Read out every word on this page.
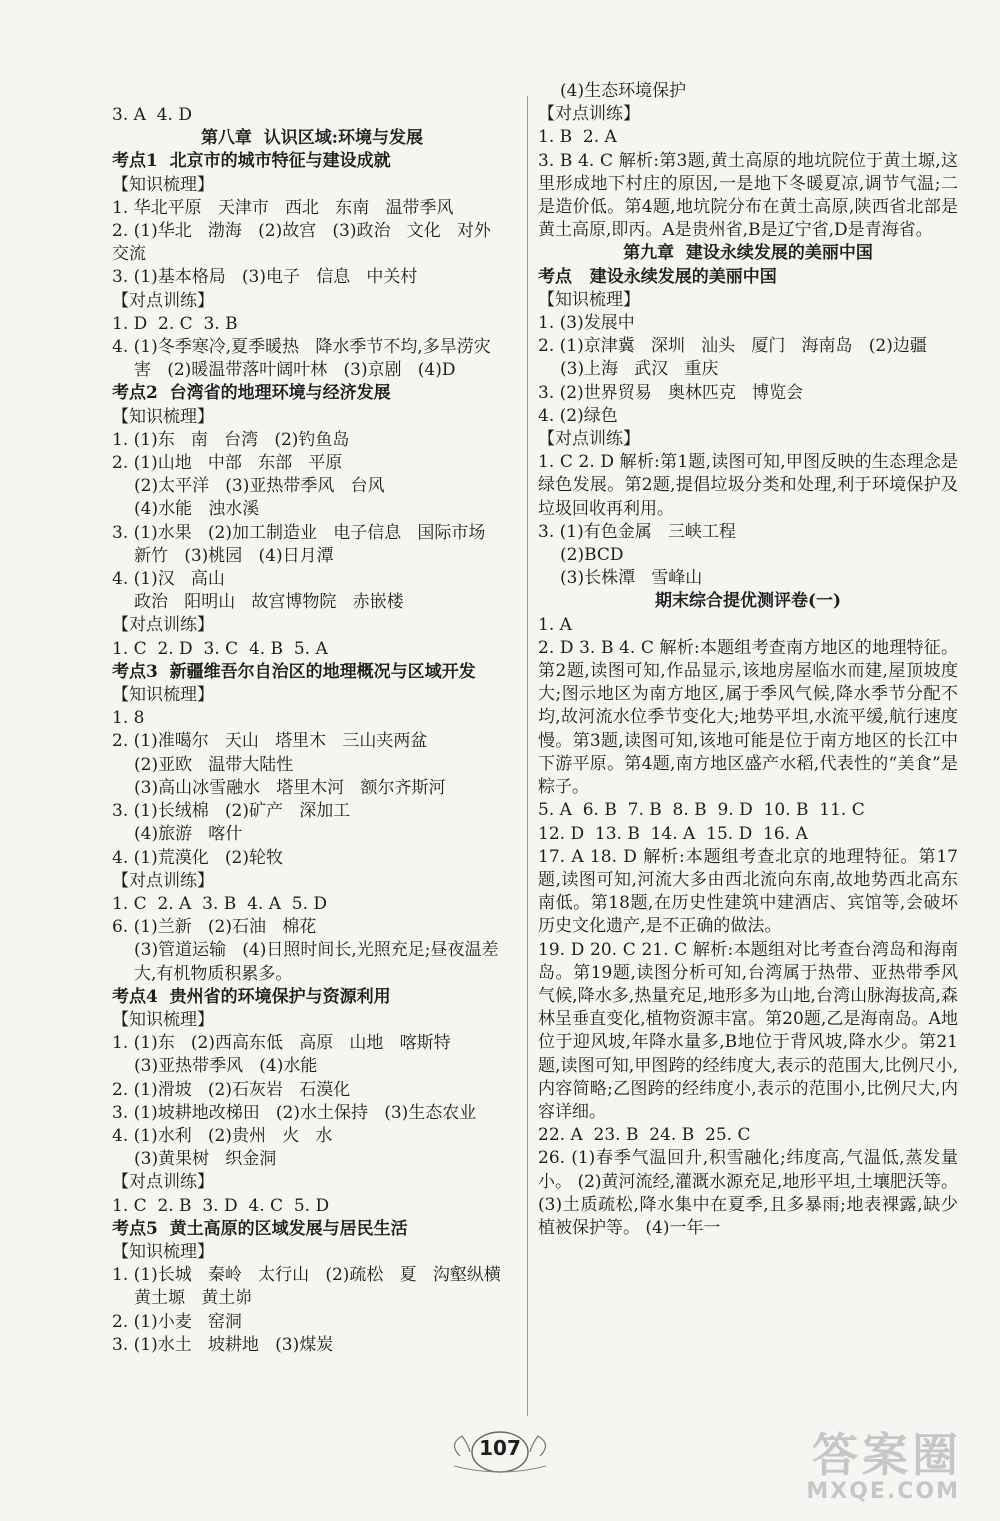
3. A  4. D
第八章  认识区域:环境与发展
考点1  北京市的城市特征与建设成就
【知识梳理】
1. 华北平原   天津市   西北   东南   温带季风
2. (1)华北   渤海   (2)故宫   (3)政治   文化   对外
交流
3. (1)基本格局   (3)电子   信息   中关村
【对点训练】
1. D  2. C  3. B
4. (1)冬季寒冷,夏季暖热   降水季节不均,多旱涝灾
害   (2)暖温带落叶阔叶林   (3)京剧   (4)D
考点2  台湾省的地理环境与经济发展
【知识梳理】
1. (1)东   南   台湾   (2)钓鱼岛
2. (1)山地   中部   东部   平原
(2)太平洋   (3)亚热带季风   台风
(4)水能   浊水溪
3. (1)水果   (2)加工制造业   电子信息   国际市场
新竹   (3)桃园   (4)日月潭
4. (1)汉   高山
政治   阳明山   故宫博物院   赤嵌楼
【对点训练】
1. C  2. D  3. C  4. B  5. A
考点3  新疆维吾尔自治区的地理概况与区域开发
【知识梳理】
1. 8
2. (1)准噶尔   天山   塔里木   三山夹两盆
(2)亚欧   温带大陆性
(3)高山冰雪融水   塔里木河   额尔齐斯河
3. (1)长绒棉   (2)矿产   深加工
(4)旅游   喀什
4. (1)荒漠化   (2)轮牧
【对点训练】
1. C  2. A  3. B  4. A  5. D
6. (1)兰新   (2)石油   棉花
(3)管道运输   (4)日照时间长,光照充足;昼夜温差
大,有机物质积累多。
考点4  贵州省的环境保护与资源利用
【知识梳理】
1. (1)东   (2)西高东低   高原   山地   喀斯特
(3)亚热带季风   (4)水能
2. (1)滑坡   (2)石灰岩   石漠化
3. (1)坡耕地改梯田   (2)水土保持   (3)生态农业
4. (1)水利   (2)贵州   火   水
(3)黄果树   织金洞
【对点训练】
1. C  2. B  3. D  4. C  5. D
考点5  黄土高原的区域发展与居民生活
【知识梳理】
1. (1)长城   秦岭   太行山   (2)疏松   夏   沟壑纵横
黄土塬   黄土峁
2. (1)小麦   窑洞
3. (1)水土   坡耕地   (3)煤炭
(4)生态环境保护
【对点训练】
1. B  2. A
3. B 4. C 解析:第3题,黄土高原的地坑院位于黄土塬,这里形成地下村庄的原因,一是地下冬暖夏凉,调节气温;二是造价低。第4题,地坑院分布在黄土高原,陕西省北部是黄土高原,即丙。A是贵州省,B是辽宁省,D是青海省。
第九章  建设永续发展的美丽中国
考点   建设永续发展的美丽中国
【知识梳理】
1. (3)发展中
2. (1)京津冀   深圳   汕头   厦门   海南岛   (2)边疆
(3)上海   武汉   重庆
3. (2)世界贸易   奥林匹克   博览会
4. (2)绿色
【对点训练】
1. C 2. D 解析:第1题,读图可知,甲图反映的生态理念是绿色发展。第2题,提倡垃圾分类和处理,利于环境保护及垃圾回收再利用。
3. (1)有色金属   三峡工程
(2)BCD
(3)长株潭   雪峰山
期末综合提优测评卷(一)
1. A
2. D 3. B 4. C 解析:本题组考查南方地区的地理特征。第2题,读图可知,作品显示,该地房屋临水而建,屋顶坡度大;图示地区为南方地区,属于季风气候,降水季节分配不均,故河流水位季节变化大;地势平坦,水流平缓,航行速度慢。第3题,读图可知,该地可能是位于南方地区的长江中下游平原。第4题,南方地区盛产水稻,代表性的“美食”是粽子。
5. A  6. B  7. B  8. B  9. D  10. B  11. C
12. D  13. B  14. A  15. D  16. A
17. A 18. D 解析:本题组考查北京的地理特征。第17题,读图可知,河流大多由西北流向东南,故地势西北高东南低。第18题,在历史性建筑中建酒店、宾馆等,会破坏历史文化遗产,是不正确的做法。
19. D 20. C 21. C 解析:本题组对比考查台湾岛和海南岛。第19题,读图分析可知,台湾属于热带、亚热带季风气候,降水多,热量充足,地形多为山地,台湾山脉海拔高,森林呈垂直变化,植物资源丰富。第20题,乙是海南岛。A地位于迎风坡,年降水量多,B地位于背风坡,降水少。第21题,读图可知,甲图跨的经纬度大,表示的范围大,比例尺小,内容简略;乙图跨的经纬度小,表示的范围小,比例尺大,内容详细。
22. A  23. B  24. B  25. C
26. (1)春季气温回升,积雪融化;纬度高,气温低,蒸发量小。 (2)黄河流经,灌溉水源充足,地形平坦,土壤肥沃等。 (3)土质疏松,降水集中在夏季,且多暴雨;地表裸露,缺少植被保护等。 (4)一年一
107	答案圈
MXQE.COM
